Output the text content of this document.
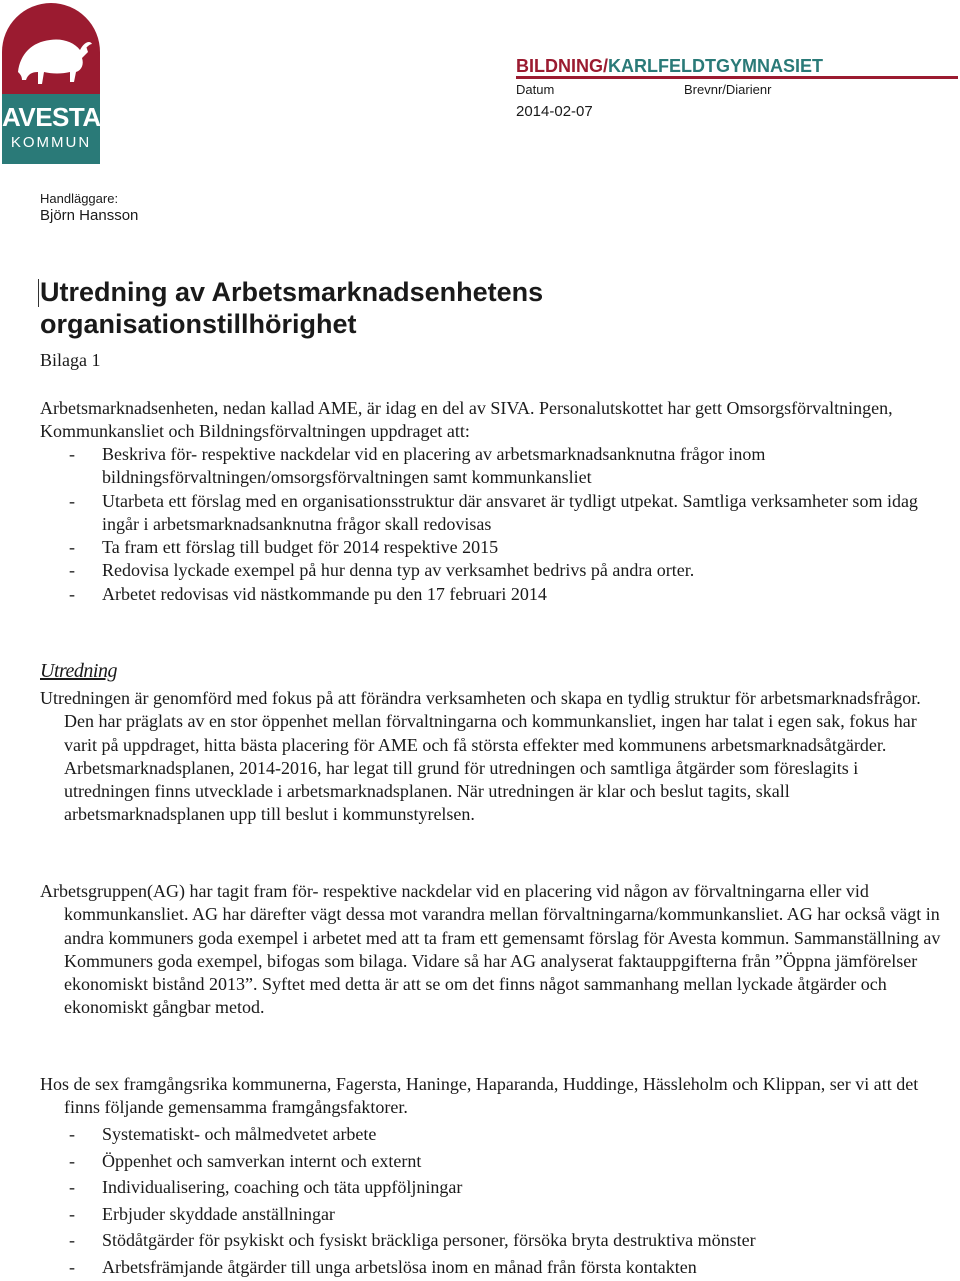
AVESTA
KOMMUN
BILDNING/KARLFELDTGYMNASIET
Datum	Brevnr/Diarienr
2014-02-07
Handläggare:
Björn Hansson
Utredning av Arbetsmarknadsenhetens
organisationstillhörighet
Bilaga 1

Arbetsmarknadsenheten, nedan kallad AME, är idag en del av SIVA. Personalutskottet har gett Omsorgsförvaltningen, Kommunkansliet och Bildningsförvaltningen uppdraget att:

- Beskriva för- respektive nackdelar vid en placering av arbetsmarknadsanknutna frågor inom bildningsförvaltningen/omsorgsförvaltningen samt kommunkansliet
- Utarbeta ett förslag med en organisationsstruktur där ansvaret är tydligt utpekat. Samtliga verksamheter som idag ingår i arbetsmarknadsanknutna frågor skall redovisas
- Ta fram ett förslag till budget för 2014 respektive 2015
- Redovisa lyckade exempel på hur denna typ av verksamhet bedrivs på andra orter.
- Arbetet redovisas vid nästkommande pu den 17 februari 2014
Utredning

Utredningen är genomförd med fokus på att förändra verksamheten och skapa en tydlig struktur för arbetsmarknadsfrågor. Den har präglats av en stor öppenhet mellan förvaltningarna och kommunkansliet, ingen har talat i egen sak, fokus har varit på uppdraget, hitta bästa placering för AME och få största effekter med kommunens arbetsmarknadsåtgärder. Arbetsmarknadsplanen, 2014-2016, har legat till grund för utredningen och samtliga åtgärder som föreslagits i utredningen finns utvecklade i arbetsmarknadsplanen. När utredningen är klar och beslut tagits, skall arbetsmarknadsplanen upp till beslut i kommunstyrelsen.

Arbetsgruppen(AG) har tagit fram för- respektive nackdelar vid en placering vid någon av förvaltningarna eller vid kommunkansliet. AG har därefter vägt dessa mot varandra mellan förvaltningarna/kommunkansliet. AG har också vägt in andra kommuners goda exempel i arbetet med att ta fram ett gemensamt förslag för Avesta kommun. Sammanställning av Kommuners goda exempel, bifogas som bilaga. Vidare så har AG analyserat faktauppgifterna från ”Öppna jämförelser ekonomiskt bistånd 2013”. Syftet med detta är att se om det finns något sammanhang mellan lyckade åtgärder och ekonomiskt gångbar metod.

Hos de sex framgångsrika kommunerna, Fagersta, Haninge, Haparanda, Huddinge, Hässleholm och Klippan, ser vi att det finns följande gemensamma framgångsfaktorer.

- Systematiskt- och målmedvetet arbete
- Öppenhet och samverkan internt och externt
- Individualisering, coaching och täta uppföljningar
- Erbjuder skyddade anställningar
- Stödåtgärder för psykiskt och fysiskt bräckliga personer, försöka bryta destruktiva mönster
- Arbetsfrämjande åtgärder till unga arbetslösa inom en månad från första kontakten
